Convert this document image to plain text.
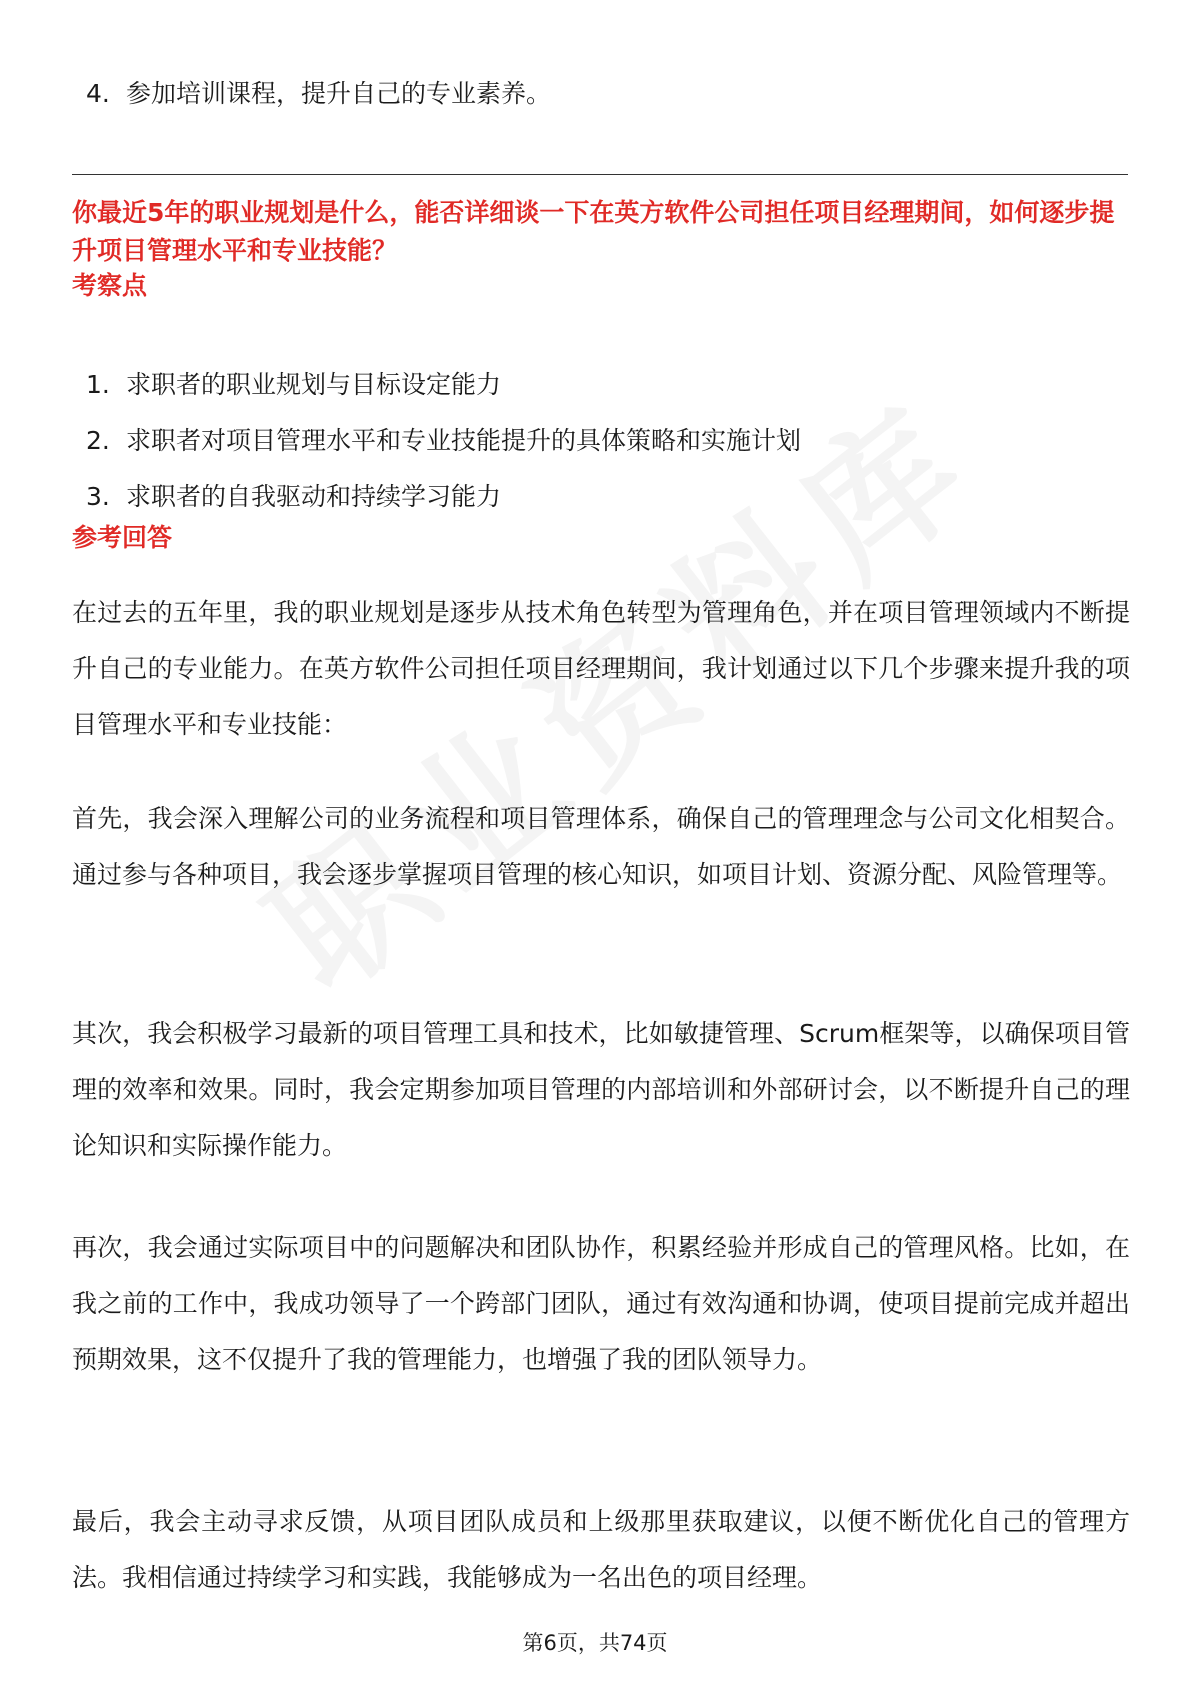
4. 参加培训课程，提升自己的专业素养。
你最近5年的职业规划是什么，能否详细谈一下在英方软件公司担任项目经理期间，如何逐步提升项目管理水平和专业技能？
考察点
1. 求职者的职业规划与目标设定能力
2. 求职者对项目管理水平和专业技能提升的具体策略和实施计划
3. 求职者的自我驱动和持续学习能力
参考回答

在过去的五年里，我的职业规划是逐步从技术角色转型为管理角色，并在项目管理领域内不断提升自己的专业能力。在英方软件公司担任项目经理期间，我计划通过以下几个步骤来提升我的项目管理水平和专业技能：

首先，我会深入理解公司的业务流程和项目管理体系，确保自己的管理理念与公司文化相契合。通过参与各种项目，我会逐步掌握项目管理的核心知识，如项目计划、资源分配、风险管理等。

其次，我会积极学习最新的项目管理工具和技术，比如敏捷管理、Scrum框架等，以确保项目管理的效率和效果。同时，我会定期参加项目管理的内部培训和外部研讨会，以不断提升自己的理论知识和实际操作能力。

再次，我会通过实际项目中的问题解决和团队协作，积累经验并形成自己的管理风格。比如，在我之前的工作中，我成功领导了一个跨部门团队，通过有效沟通和协调，使项目提前完成并超出预期效果，这不仅提升了我的管理能力，也增强了我的团队领导力。

最后，我会主动寻求反馈，从项目团队成员和上级那里获取建议，以便不断优化自己的管理方法。我相信通过持续学习和实践，我能够成为一名出色的项目经理。

第6页，共74页
